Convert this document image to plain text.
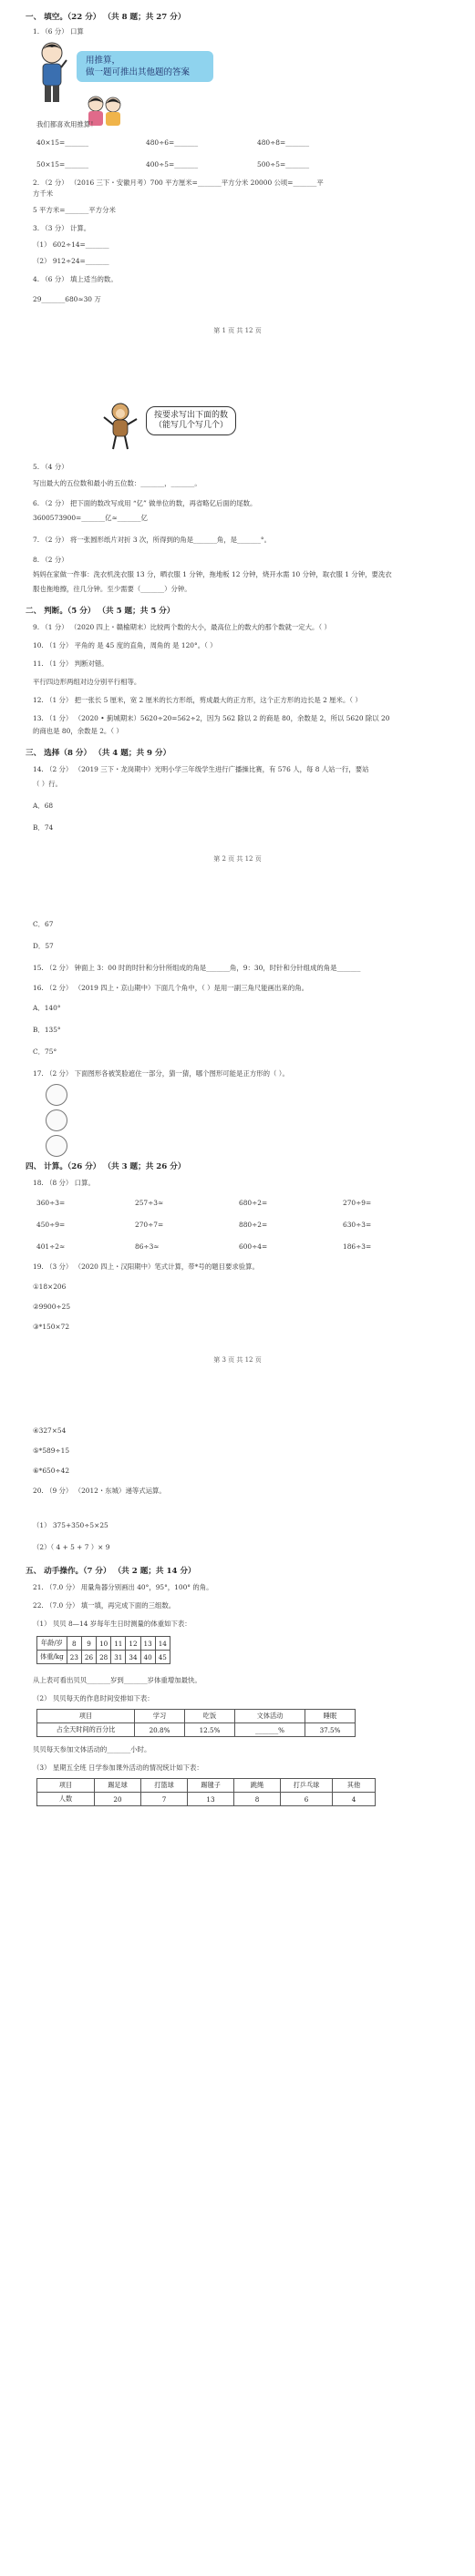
一、 填空。（22 分） （共 8 题；共 27 分）
1. （6 分） 口算
用推算，
做一题可推出其他题的答案
我们都喜欢用推算！
40×15=_______	480÷6=_______	480÷8=_______
50×15=_______	400÷5=_______	500÷5=_______
2. （2 分） （2016 三下・安徽月考）700 平方厘米=_______平方分米 20000 公顷=_______平
方千米
5 平方米=_______平方分米
3. （3 分） 计算。
（1） 602÷14=_______
（2） 912÷24=_______
4. （6 分） 填上适当的数。
29_______680≈30 万
第 1 页 共 12 页
按要求写出下面的数
（能写几个写几个）
5. （4 分）
写出最大的五位数和最小的五位数：_______，_______。
6. （2 分） 把下面的数改写成用 “亿” 做单位的数，再省略亿后面的尾数。
3600573900=_______亿≈_______亿
7. （2 分） 将一张圆形纸片对折 3 次，所得到的角是_______角，是_______°。
8. （2 分）
妈妈在家做一件事：洗衣机洗衣服 13 分，晒衣服 1 分钟，拖地板 12 分钟，烧开水需 10 分钟，取衣服 1 分钟，要洗衣
服也拖地擦，往几分钟。至少需要（_______）分钟。
二、 判断。（5 分） （共 5 题；共 5 分）
9. （1 分） （2020 四上・赣榆期末）比较两个数的大小，最高位上的数大的那个数就一定大。（ ）
10. （1 分） 平角的 是 45 度的直角，周角的 是 120°。（ ）
11. （1 分） 判断对错。
平行四边形两组对边分别平行相等。
12. （1 分） 把一张长 5 厘米，宽 2 厘米的长方形纸，剪成最大的正方形，这个正方形的边长是 2 厘米。（ ）
13. （1 分） （2020 • 蓟城期末）5620÷20=562÷2，因为 562 除以 2 的商是 80，余数是 2，所以 5620 除以 20
的商也是 80，余数是 2。（ ）
三、 选择（8 分） （共 4 题；共 9 分）
14. （2 分） （2019 三下・龙岗期中）光明小学三年级学生进行广播操比赛，有 576 人，每 8 人站一行，要站
（ ）行。
A．68
B．74
第 2 页 共 12 页
C．67
D．57
15. （2 分） 钟面上 3：00 时的时针和分针所组成的角是_______角，9：30，时针和分针组成的角是_______
16. （2 分） （2019 四上・京山期中）下面几个角中，（ ）是用一副三角尺能画出来的角。
A．140°
B．135°
C．75°
17. （2 分） 下面图形各被笑脸遮住一部分，猜一猜，哪个图形可能是正方形的（ ）。
四、 计算。（26 分） （共 3 题；共 26 分）
18. （8 分） 口算。
360÷3=	257÷3≈	680÷2=	270÷9=
450÷9=	270÷7=	880÷2=	630÷3=
401÷2≈	86÷3≈	600÷4=	186÷3=
19. （3 分） （2020 四上・汉阳期中）笔式计算，带*号的题目要求验算。
①18×206
②9900÷25
③*150×72
第 3 页 共 12 页
④327×54
⑤*589÷15
⑥*650÷42
20. （9 分） （2012・东城）递等式运算。
（1） 375+350÷5×25
（2）（ 4 + 5 + 7 ）× 9
五、 动手操作。（7 分） （共 2 题；共 14 分）
21. （7.0 分） 用量角器分别画出 40°，95°，100° 的角。
22. （7.0 分） 填一填，再完成下面的三组数。
（1） 贝贝 8—14 岁每年生日时测量的体重如下表：
年龄/岁	8	9	10	11	12	13	14
体重/kg	23	26	28	31	34	40	45
从上表可看出贝贝_______岁到_______岁体重增加最快。
（2） 贝贝每天的作息时间安排如下表：
项目	学习	吃饭	文体活动	睡眠
占全天时间的百分比	20.8%	12.5%	_______%	37.5%
贝贝每天参加文体活动的_______小时。
（3） 星期五全班 日学参加课外活动的情况统计如下表：
项目	踢足球	打篮球	踢毽子	跳绳	打乒乓球	其他
人数	20	7	13	8	6	4
